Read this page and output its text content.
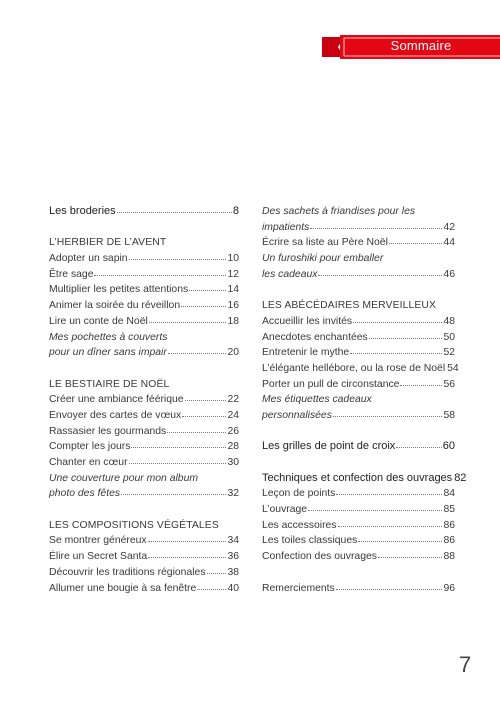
Sommaire
Les broderies	8
L’HERBIER DE L’AVENT
Adopter un sapin	10
Être sage	12
Multiplier les petites attentions	14
Animer la soirée du réveillon	16
Lire un conte de Noël	18
Mes pochettes à couverts
pour un dîner sans impair	20
LE BESTIAIRE DE NOËL
Créer une ambiance féérique	22
Envoyer des cartes de vœux	24
Rassasier les gourmands	26
Compter les jours	28
Chanter en cœur	30
Une couverture pour mon album
photo des fêtes	32
LES COMPOSITIONS VÉGÉTALES
Se montrer généreux	34
Élire un Secret Santa	36
Découvrir les traditions régionales 38
Allumer une bougie à sa fenêtre	40
Des sachets à friandises pour les
impatients	42
Écrire sa liste au Père Noël	44
Un furoshiki pour emballer
les cadeaux	46
LES ABÉCÉDAIRES MERVEILLEUX
Accueillir les invités	48
Anecdotes enchantées	50
Entretenir le mythe	52
L’élégante hellébore, ou la rose de Noël 54
Porter un pull de circonstance	56
Mes étiquettes cadeaux
personnalisées	58
Les grilles de point de croix	60
Techniques et confection des ouvrages 82
Leçon de points	84
L’ouvrage	85
Les accessoires	86
Les toiles classiques	86
Confection des ouvrages	88
Remerciements	96
7
